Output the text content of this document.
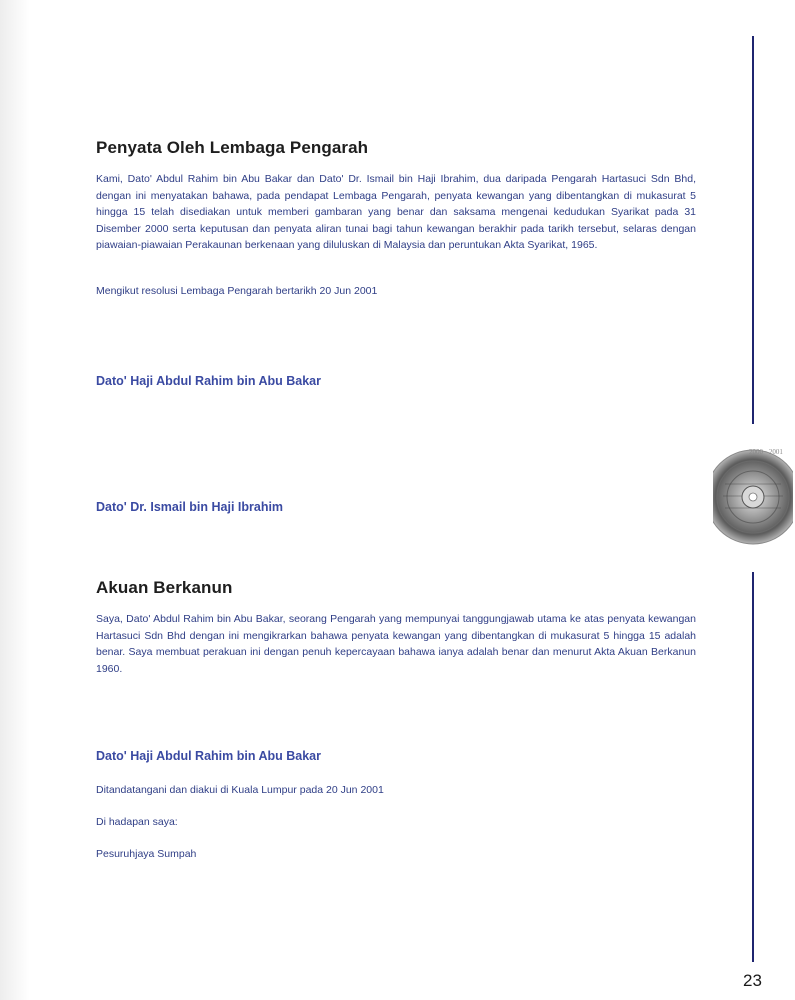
Penyata Oleh Lembaga Pengarah

Kami, Dato' Abdul Rahim bin Abu Bakar dan Dato' Dr. Ismail bin Haji Ibrahim, dua daripada Pengarah Hartasuci Sdn Bhd, dengan ini menyatakan bahawa, pada pendapat Lembaga Pengarah, penyata kewangan yang dibentangkan di mukasurat 5 hingga 15 telah disediakan untuk memberi gambaran yang benar dan saksama mengenai kedudukan Syarikat pada 31 Disember 2000 serta keputusan dan penyata aliran tunai bagi tahun kewangan berakhir pada tarikh tersebut, selaras dengan piawaian-piawaian Perakaunan berkenaan yang diluluskan di Malaysia dan peruntukan Akta Syarikat, 1965.

Mengikut resolusi Lembaga Pengarah bertarikh 20 Jun 2001

Dato' Haji Abdul Rahim bin Abu Bakar

Dato' Dr. Ismail bin Haji Ibrahim

Akuan Berkanun

Saya, Dato' Abdul Rahim bin Abu Bakar, seorang Pengarah yang mempunyai tanggungjawab utama ke atas penyata kewangan Hartasuci Sdn Bhd dengan ini mengikrarkan bahawa penyata kewangan yang dibentangkan di mukasurat 5 hingga 15 adalah benar. Saya membuat perakuan ini dengan penuh kepercayaan bahawa ianya adalah benar dan menurut Akta Akuan Berkanun 1960.

Dato' Haji Abdul Rahim bin Abu Bakar

Ditandatangani dan diakui di Kuala Lumpur pada 20 Jun 2001

Di hadapan saya:

Pesuruhjaya Sumpah

2000 · 2001

23
